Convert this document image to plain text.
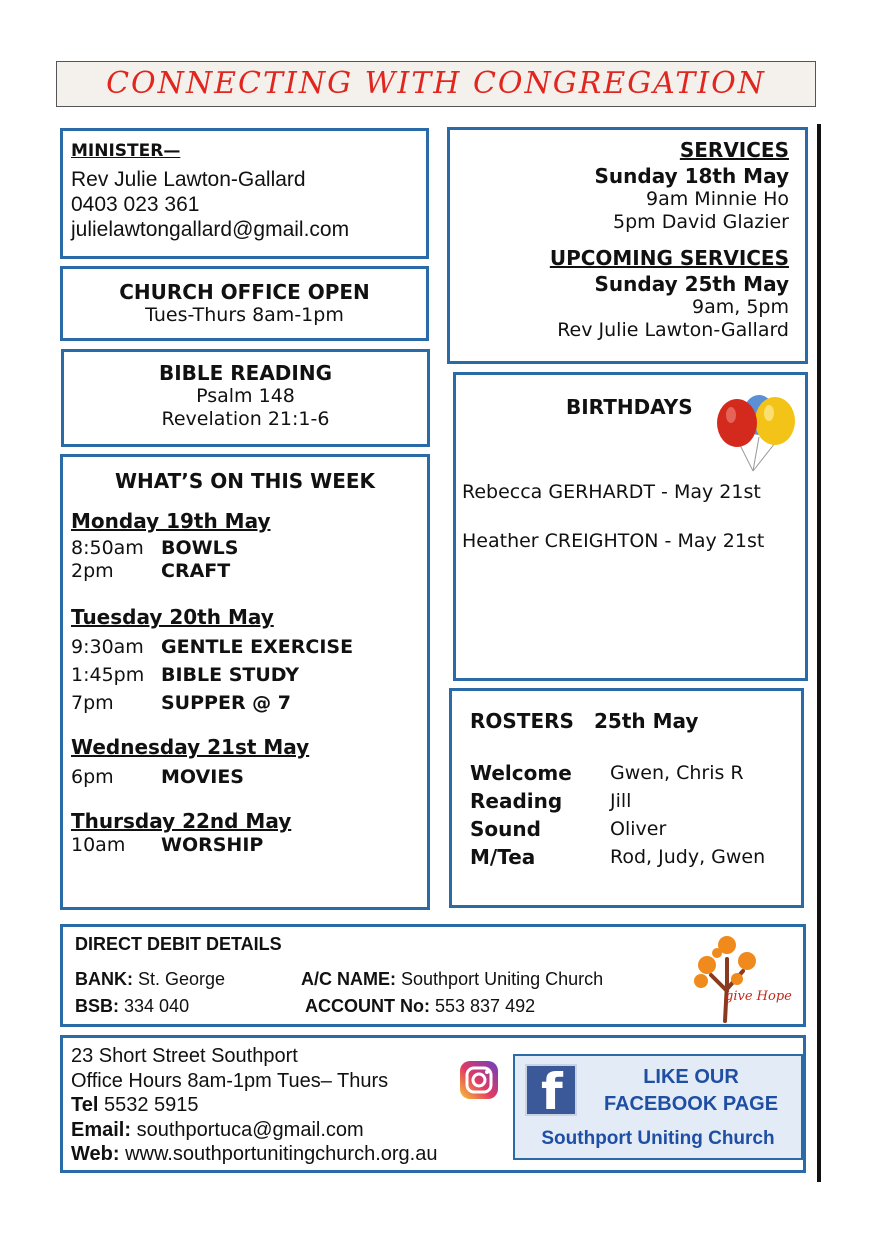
CONNECTING WITH CONGREGATION
MINISTER—
Rev Julie Lawton-Gallard
0403 023 361
julielawtongallard@gmail.com
CHURCH OFFICE OPEN
Tues-Thurs 8am-1pm
BIBLE READING
Psalm 148
Revelation 21:1-6
WHAT’S ON THIS WEEK
Monday 19th May
8:50am BOWLS
2pm	CRAFT
Tuesday 20th May
9:30am GENTLE EXERCISE
1:45pm BIBLE STUDY
7pm	SUPPER @ 7
Wednesday 21st May
6pm	MOVIES
Thursday 22nd May
10am	WORSHIP
SERVICES
Sunday 18th May
9am Minnie Ho
5pm David Glazier
UPCOMING SERVICES
Sunday 25th May
9am, 5pm
Rev Julie Lawton-Gallard
BIRTHDAYS
Rebecca GERHARDT - May 21st
Heather CREIGHTON - May 21st
ROSTERS	25th May
Welcome	Gwen, Chris R
Reading	Jill
Sound	Oliver
M/Tea	Rod, Judy, Gwen
DIRECT DEBIT DETAILS
BANK: St. George	A/C NAME: Southport Uniting Church
BSB: 334 040	ACCOUNT No: 553 837 492	give Hope
23 Short Street Southport
Office Hours 8am-1pm Tues– Thurs
Tel 5532 5915
Email: southportuca@gmail.com
Web: www.southportunitingchurch.org.au
f	LIKE OUR
FACEBOOK PAGE
Southport Uniting Church
